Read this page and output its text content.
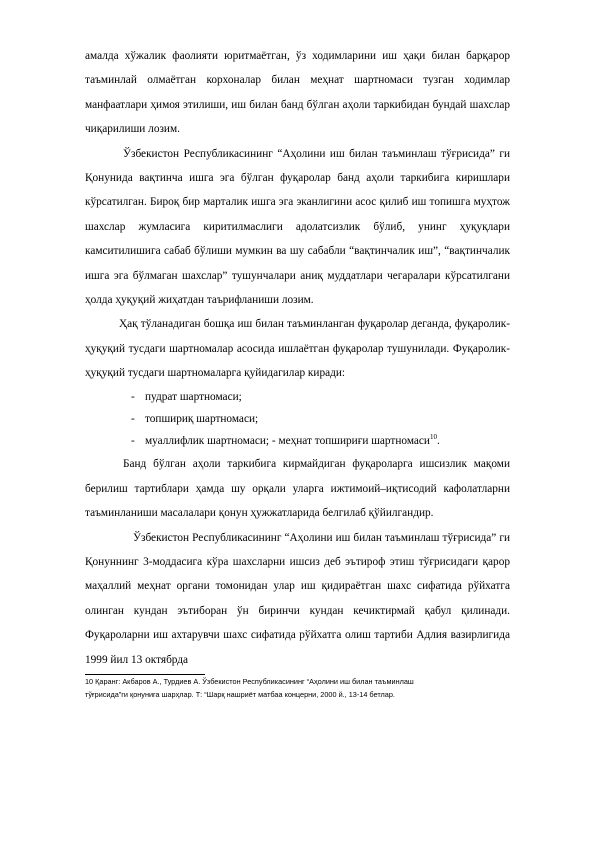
амалда хўжалик фаолияти юритмаётган, ўз ходимларини иш ҳақи билан барқарор таъминлай олмаётган корхоналар билан меҳнат шартномаси тузган ходимлар манфаатлари ҳимоя этилиши, иш билан банд бўлган аҳоли таркибидан бундай шахслар чиқарилиши лозим.

Ўзбекистон Республикасининг “Аҳолини иш билан таъминлаш тўғрисида” ги Қонунида вақтинча ишга эга бўлган фуқаролар банд аҳоли таркибига киришлари кўрсатилган. Бироқ бир марталик ишга эга эканлигини асос қилиб иш топишга муҳтож шахслар жумласига киритилмаслиги адолатсизлик бўлиб, унинг ҳуқуқлари камситилишига сабаб бўлиши мумкин ва шу сабабли “вақтинчалик иш”, “вақтинчалик ишга эга бўлмаган шахслар” тушунчалари аниқ муддатлари чегаралари кўрсатилгани ҳолда ҳуқуқий жиҳатдан таърифланиши лозим.

Ҳақ тўланадиган бошқа иш билан таъминланган фуқаролар деганда, фуқаролик-ҳуқуқий тусдаги шартномалар асосида ишлаётган фуқаролар тушунилади. Фуқаролик-ҳуқуқий тусдаги шартномаларга қуйидагилар киради:

- пудрат шартномаси;
- топшириқ шартномаси;
- муаллифлик шартномаси; - меҳнат топшириғи шартномаси$^{10}$.

Банд бўлган аҳоли таркибига кирмайдиган фуқароларга ишсизлик мақоми берилиш тартиблари ҳамда шу орқали уларга ижтимоий–иқтисодий кафолатларни таъминланиши масалалари қонун ҳужжатларида белгилаб қўйилгандир.

Ўзбекистон Республикасининг “Аҳолини иш билан таъминлаш тўғрисида” ги Қонуннинг 3-моддасига кўра шахсларни ишсиз деб эътироф этиш тўғрисидаги қарор маҳаллий меҳнат органи томонидан улар иш қидираётган шахс сифатида рўйхатга олинган кундан эътиборан ўн биринчи кундан кечиктирмай қабул қилинади. Фуқароларни иш ахтарувчи шахс сифатида рўйхатга олиш тартиби Адлия вазирлигида 1999 йил 13 октябрда

10 Қаранг: Акбаров А., Турдиев А. Ўзбекистон Республикасининг “Аҳолини иш билан таъминлаш

тўғрисида”ги қонунига шарҳлар. Т: “Шарқ нашриёт матбаа концерни, 2000 й., 13-14 бетлар.
